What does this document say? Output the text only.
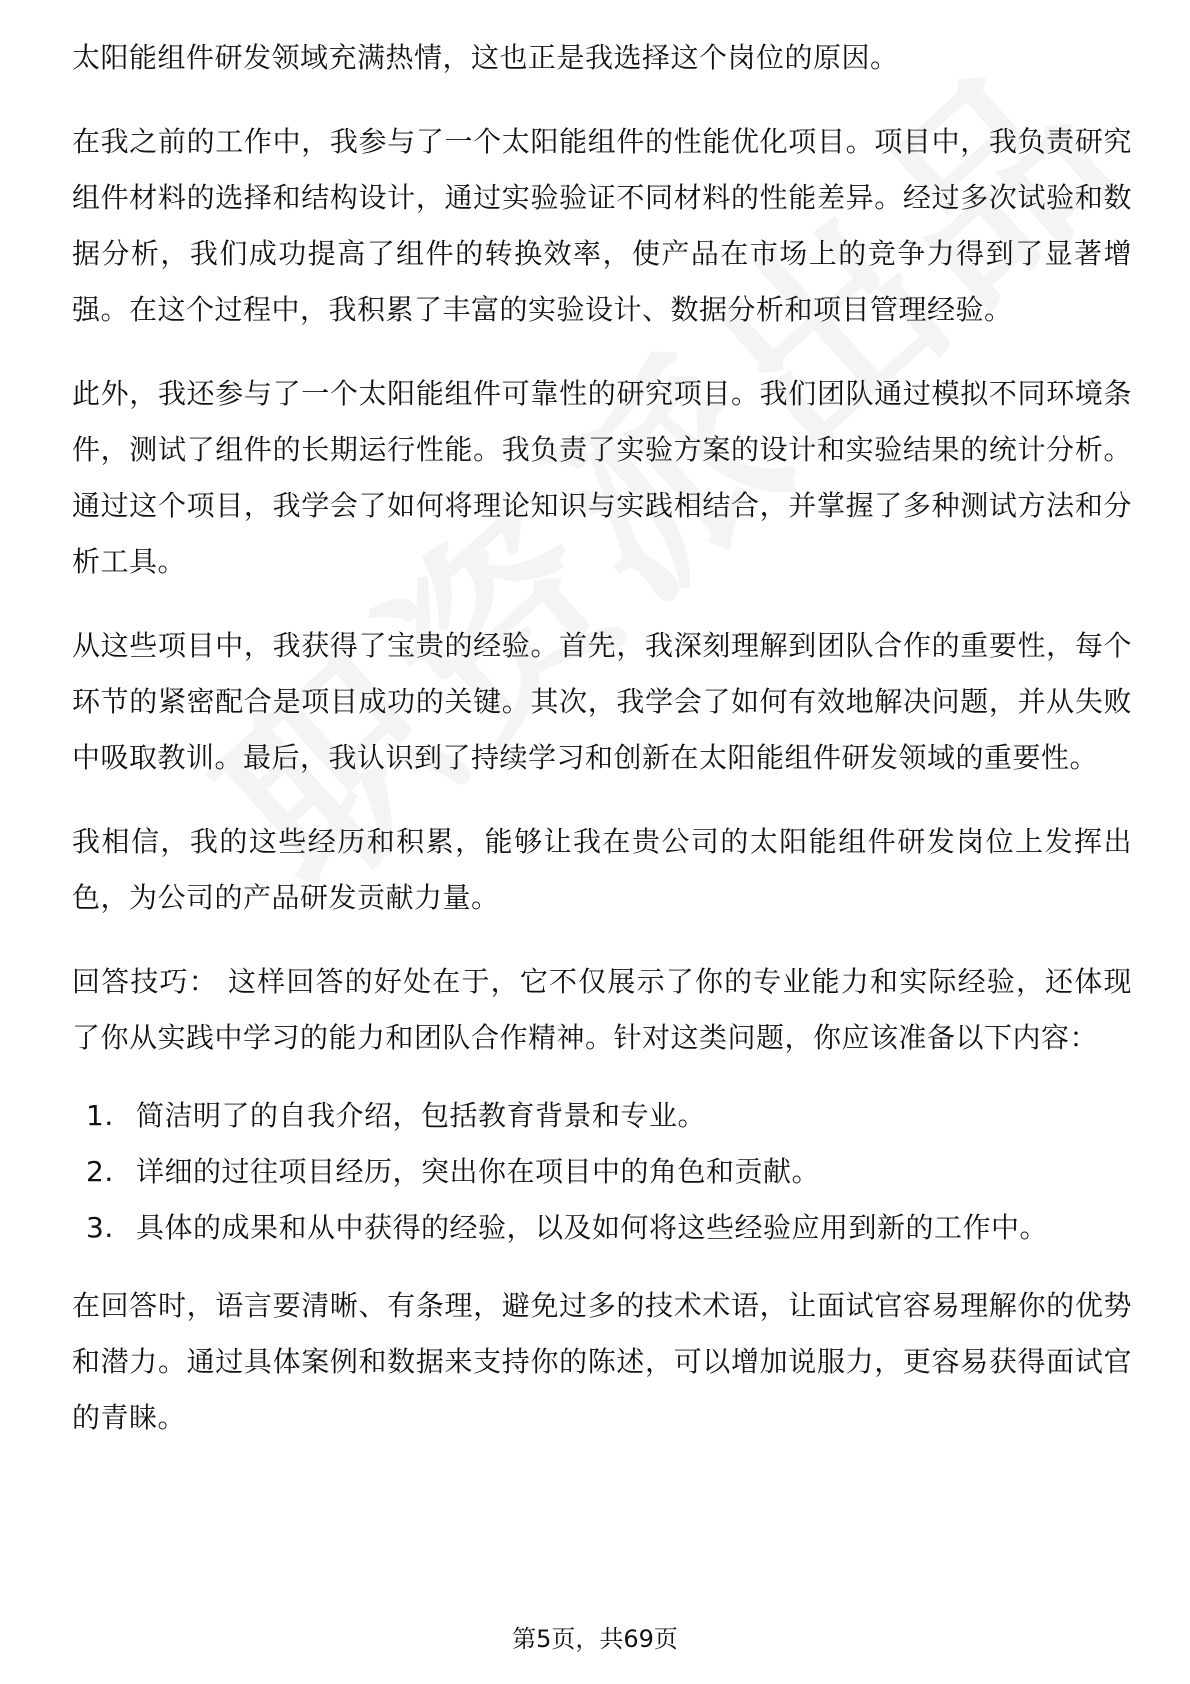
太阳能组件研发领域充满热情，这也正是我选择这个岗位的原因。

在我之前的工作中，我参与了一个太阳能组件的性能优化项目。项目中，我负责研究组件材料的选择和结构设计，通过实验验证不同材料的性能差异。经过多次试验和数据分析，我们成功提高了组件的转换效率，使产品在市场上的竞争力得到了显著增强。在这个过程中，我积累了丰富的实验设计、数据分析和项目管理经验。

此外，我还参与了一个太阳能组件可靠性的研究项目。我们团队通过模拟不同环境条件，测试了组件的长期运行性能。我负责了实验方案的设计和实验结果的统计分析。通过这个项目，我学会了如何将理论知识与实践相结合，并掌握了多种测试方法和分析工具。

从这些项目中，我获得了宝贵的经验。首先，我深刻理解到团队合作的重要性，每个环节的紧密配合是项目成功的关键。其次，我学会了如何有效地解决问题，并从失败中吸取教训。最后，我认识到了持续学习和创新在太阳能组件研发领域的重要性。

我相信，我的这些经历和积累，能够让我在贵公司的太阳能组件研发岗位上发挥出色，为公司的产品研发贡献力量。

回答技巧： 这样回答的好处在于，它不仅展示了你的专业能力和实际经验，还体现了你从实践中学习的能力和团队合作精神。针对这类问题，你应该准备以下内容：

1. 简洁明了的自我介绍，包括教育背景和专业。
2. 详细的过往项目经历，突出你在项目中的角色和贡献。
3. 具体的成果和从中获得的经验，以及如何将这些经验应用到新的工作中。

在回答时，语言要清晰、有条理，避免过多的技术术语，让面试官容易理解你的优势和潜力。通过具体案例和数据来支持你的陈述，可以增加说服力，更容易获得面试官的青睐。

第5页，共69页
